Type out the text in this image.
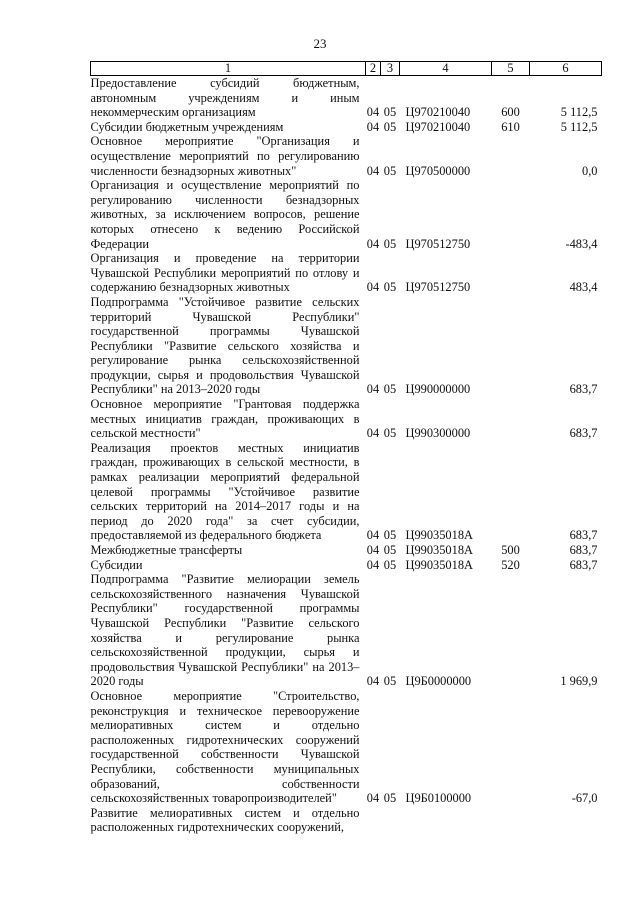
23
1	2	3	4	5	6
Предоставление субсидий бюджетным, автономным учреждениям и иным некоммерческим организациям	04	05	Ц970210040	600	5 112,5
Субсидии бюджетным учреждениям	04	05	Ц970210040	610	5 112,5
Основное мероприятие "Организация и осуществление мероприятий по регулированию численности безнадзорных животных"	04	05	Ц970500000		0,0
Организация и осуществление мероприятий по регулированию численности безнадзорных животных, за исключением вопросов, решение которых отнесено к ведению Российской Федерации	04	05	Ц970512750		-483,4
Организация и проведение на территории Чувашской Республики мероприятий по отлову и содержанию безнадзорных животных	04	05	Ц970512750		483,4
Подпрограмма "Устойчивое развитие сельских территорий Чувашской Республики" государственной программы Чувашской Республики "Развитие сельского хозяйства и регулирование рынка сельскохозяйственной продукции, сырья и продовольствия Чувашской Республики" на 2013–2020 годы	04	05	Ц990000000		683,7
Основное мероприятие "Грантовая поддержка местных инициатив граждан, проживающих в сельской местности"	04	05	Ц990300000		683,7
Реализация проектов местных инициатив граждан, проживающих в сельской местности, в рамках реализации мероприятий федеральной целевой программы "Устойчивое развитие сельских территорий на 2014–2017 годы и на период до 2020 года" за счет субсидии, предоставляемой из федерального бюджета	04	05	Ц99035018А		683,7
Межбюджетные трансферты	04	05	Ц99035018А	500	683,7
Субсидии	04	05	Ц99035018А	520	683,7
Подпрограмма "Развитие мелиорации земель сельскохозяйственного назначения Чувашской Республики" государственной программы Чувашской Республики "Развитие сельского хозяйства и регулирование рынка сельскохозяйственной продукции, сырья и продовольствия Чувашской Республики" на 2013–2020 годы	04	05	Ц9Б0000000		1 969,9
Основное мероприятие "Строительство, реконструкция и техническое перевооружение мелиоративных систем и отдельно расположенных гидротехнических сооружений государственной собственности Чувашской Республики, собственности муниципальных образований, собственности сельскохозяйственных товаропроизводителей"	04	05	Ц9Б0100000		-67,0
Развитие мелиоративных систем и отдельно расположенных гидротехнических сооружений,					
